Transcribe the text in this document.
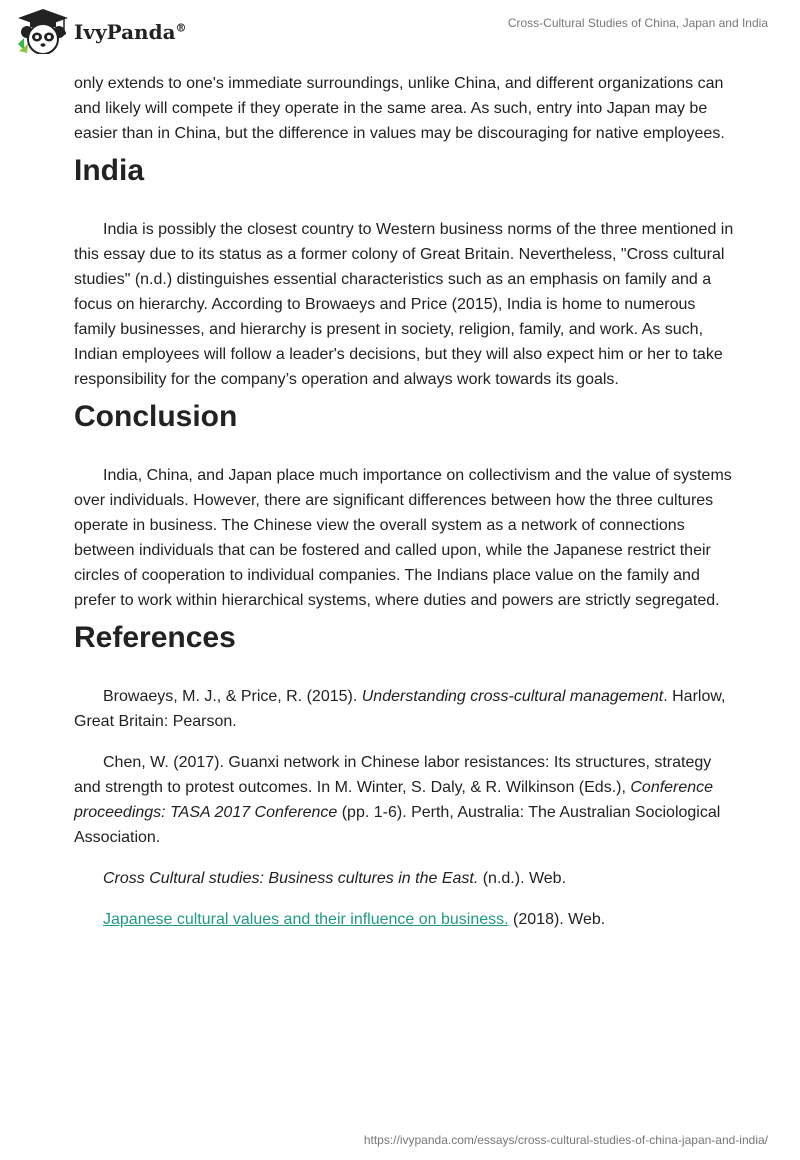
IvyPanda®	Cross-Cultural Studies of China, Japan and India

only extends to one's immediate surroundings, unlike China, and different organizations can and likely will compete if they operate in the same area. As such, entry into Japan may be easier than in China, but the difference in values may be discouraging for native employees.

India

India is possibly the closest country to Western business norms of the three mentioned in this essay due to its status as a former colony of Great Britain. Nevertheless, "Cross cultural studies" (n.d.) distinguishes essential characteristics such as an emphasis on family and a focus on hierarchy. According to Browaeys and Price (2015), India is home to numerous family businesses, and hierarchy is present in society, religion, family, and work. As such, Indian employees will follow a leader's decisions, but they will also expect him or her to take responsibility for the company’s operation and always work towards its goals.

Conclusion

India, China, and Japan place much importance on collectivism and the value of systems over individuals. However, there are significant differences between how the three cultures operate in business. The Chinese view the overall system as a network of connections between individuals that can be fostered and called upon, while the Japanese restrict their circles of cooperation to individual companies. The Indians place value on the family and prefer to work within hierarchical systems, where duties and powers are strictly segregated.

References

Browaeys, M. J., & Price, R. (2015). Understanding cross-cultural management. Harlow, Great Britain: Pearson.

Chen, W. (2017). Guanxi network in Chinese labor resistances: Its structures, strategy and strength to protest outcomes. In M. Winter, S. Daly, & R. Wilkinson (Eds.), Conference proceedings: TASA 2017 Conference (pp. 1-6). Perth, Australia: The Australian Sociological Association.

Cross Cultural studies: Business cultures in the East. (n.d.). Web.

Japanese cultural values and their influence on business. (2018). Web.

https://ivypanda.com/essays/cross-cultural-studies-of-china-japan-and-india/
